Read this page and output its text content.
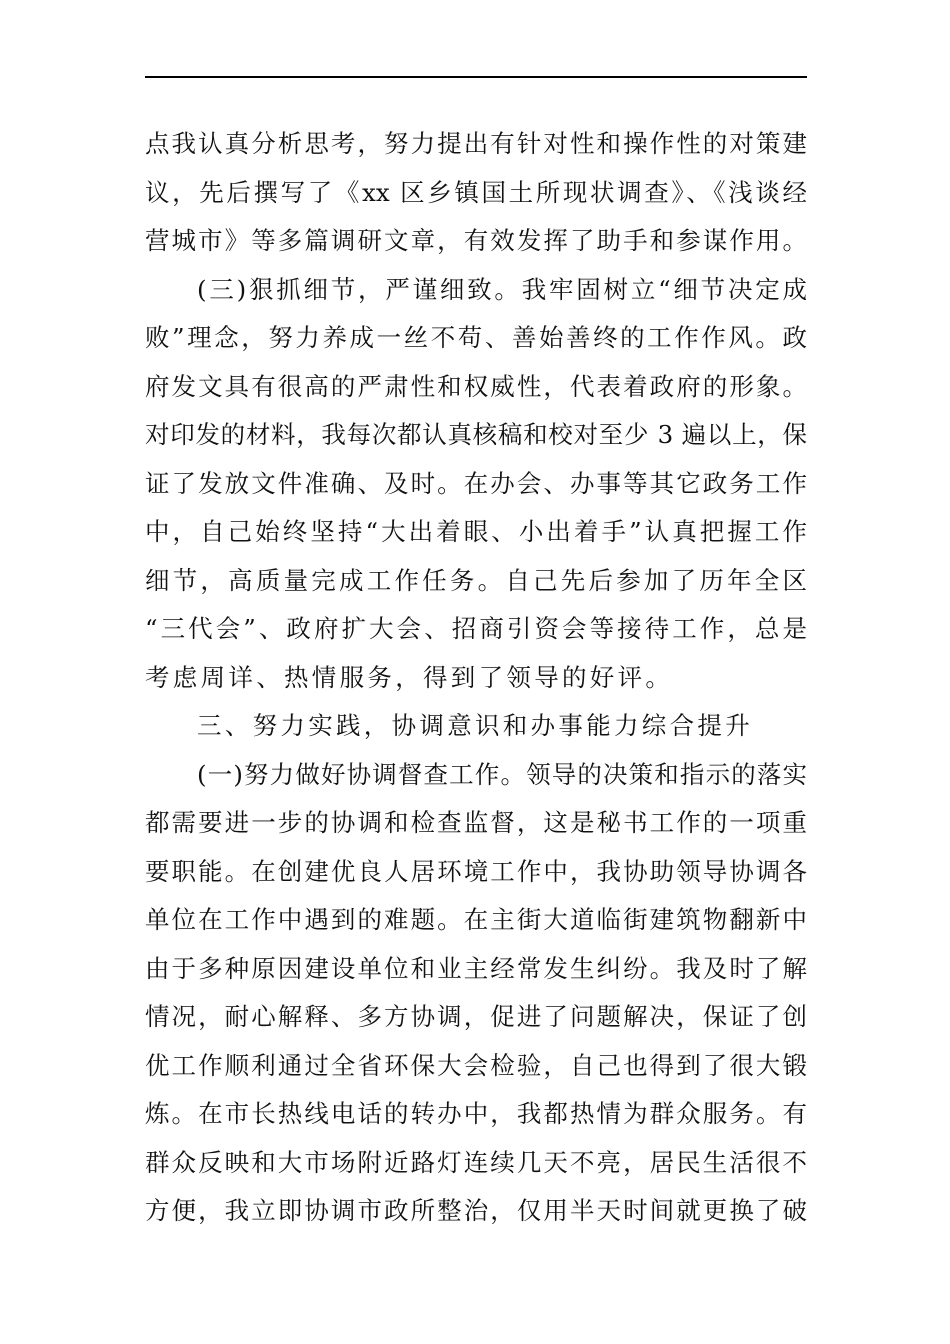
点我认真分析思考，努力提出有针对性和操作性的对策建
议，先后撰写了《xx 区乡镇国土所现状调查》、《浅谈经
营城市》等多篇调研文章，有效发挥了助手和参谋作用。
(三)狠抓细节，严谨细致。我牢固树立“细节决定成
败”理念，努力养成一丝不苟、善始善终的工作作风。政
府发文具有很高的严肃性和权威性，代表着政府的形象。
对印发的材料，我每次都认真核稿和校对至少 3 遍以上，保
证了发放文件准确、及时。在办会、办事等其它政务工作
中，自己始终坚持“大出着眼、小出着手”认真把握工作
细节，高质量完成工作任务。自己先后参加了历年全区
“三代会”、政府扩大会、招商引资会等接待工作，总是
考虑周详、热情服务，得到了领导的好评。
三、努力实践，协调意识和办事能力综合提升
(一)努力做好协调督查工作。领导的决策和指示的落实
都需要进一步的协调和检查监督，这是秘书工作的一项重
要职能。在创建优良人居环境工作中，我协助领导协调各
单位在工作中遇到的难题。在主街大道临街建筑物翻新中
由于多种原因建设单位和业主经常发生纠纷。我及时了解
情况，耐心解释、多方协调，促进了问题解决，保证了创
优工作顺利通过全省环保大会检验，自己也得到了很大锻
炼。在市长热线电话的转办中，我都热情为群众服务。有
群众反映和大市场附近路灯连续几天不亮，居民生活很不
方便，我立即协调市政所整治，仅用半天时间就更换了破
